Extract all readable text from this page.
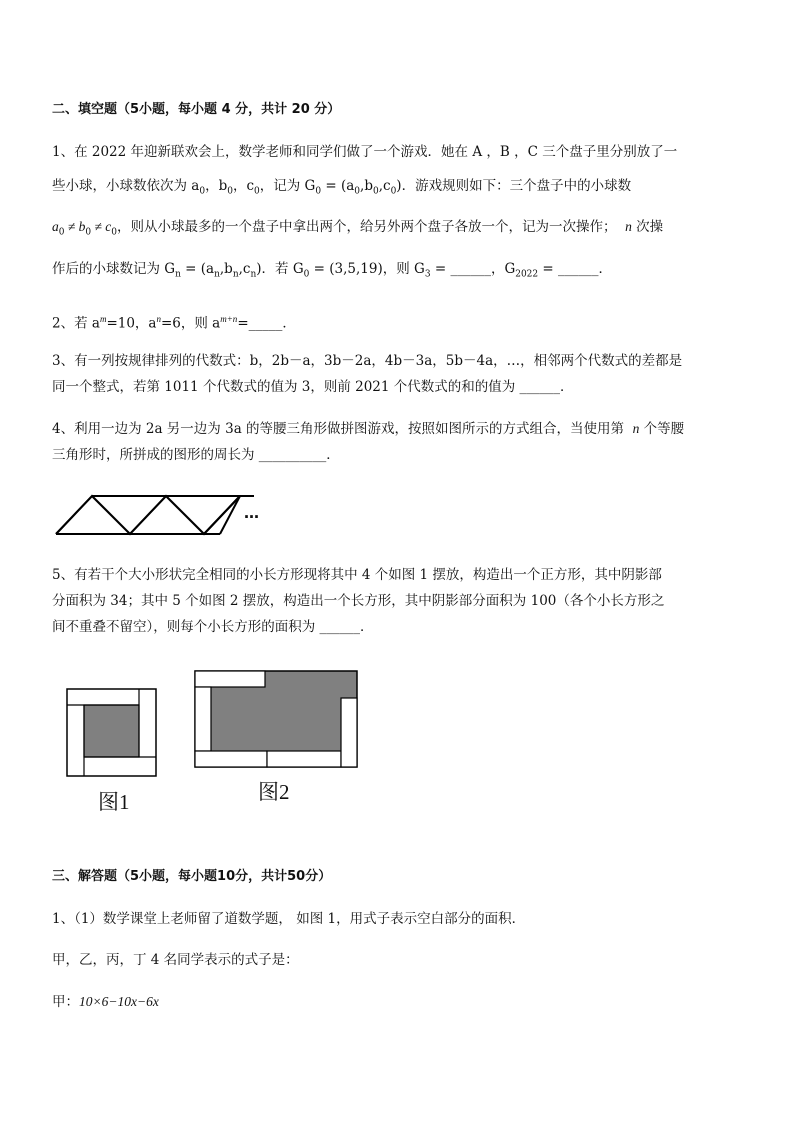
二、填空题（5小题，每小题 4 分，共计 20 分）
1、在 2022 年迎新联欢会上，数学老师和同学们做了一个游戏．她在 A ，B ，C 三个盘子里分别放了一
些小球，小球数依次为 $a_0$，$b_0$，$c_0$，记为 $G_0 = (a_0,b_0,c_0)$．游戏规则如下：三个盘子中的小球数
$a_0 \ne b_0 \ne c_0$，则从小球最多的一个盘子中拿出两个，给另外两个盘子各放一个，记为一次操作； n 次操
作后的小球数记为 $G_n = (a_n,b_n,c_n)$．若 $G_0 = (3,5,19)$，则 $G_3$ = ______，$G_{2022}$ = ______．
2、若 $a^m=10$，$a^n=6$，则 $a^{m+n}=\_\_\_\_\_$．
3、有一列按规律排列的代数式：b，2b－a，3b－2a，4b－3a，5b－4a，…，相邻两个代数式的差都是
同一个整式，若第 1011 个代数式的值为 3，则前 2021 个代数式的和的值为 ______．
4、利用一边为 2a 另一边为 3a 的等腰三角形做拼图游戏，按照如图所示的方式组合，当使用第 n 个等腰
三角形时，所拼成的图形的周长为 __________．
…
5、有若干个大小形状完全相同的小长方形现将其中 4 个如图 1 摆放，构造出一个正方形，其中阴影部
分面积为 34；其中 5 个如图 2 摆放，构造出一个长方形，其中阴影部分面积为 100（各个小长方形之
间不重叠不留空），则每个小长方形的面积为 ______．
图1	图2
三、解答题（5小题，每小题10分，共计50分）
1、（1）数学课堂上老师留了道数学题， 如图 1，用式子表示空白部分的面积．
甲，乙，丙，丁 4 名同学表示的式子是：
甲：10×6−10x−6x
